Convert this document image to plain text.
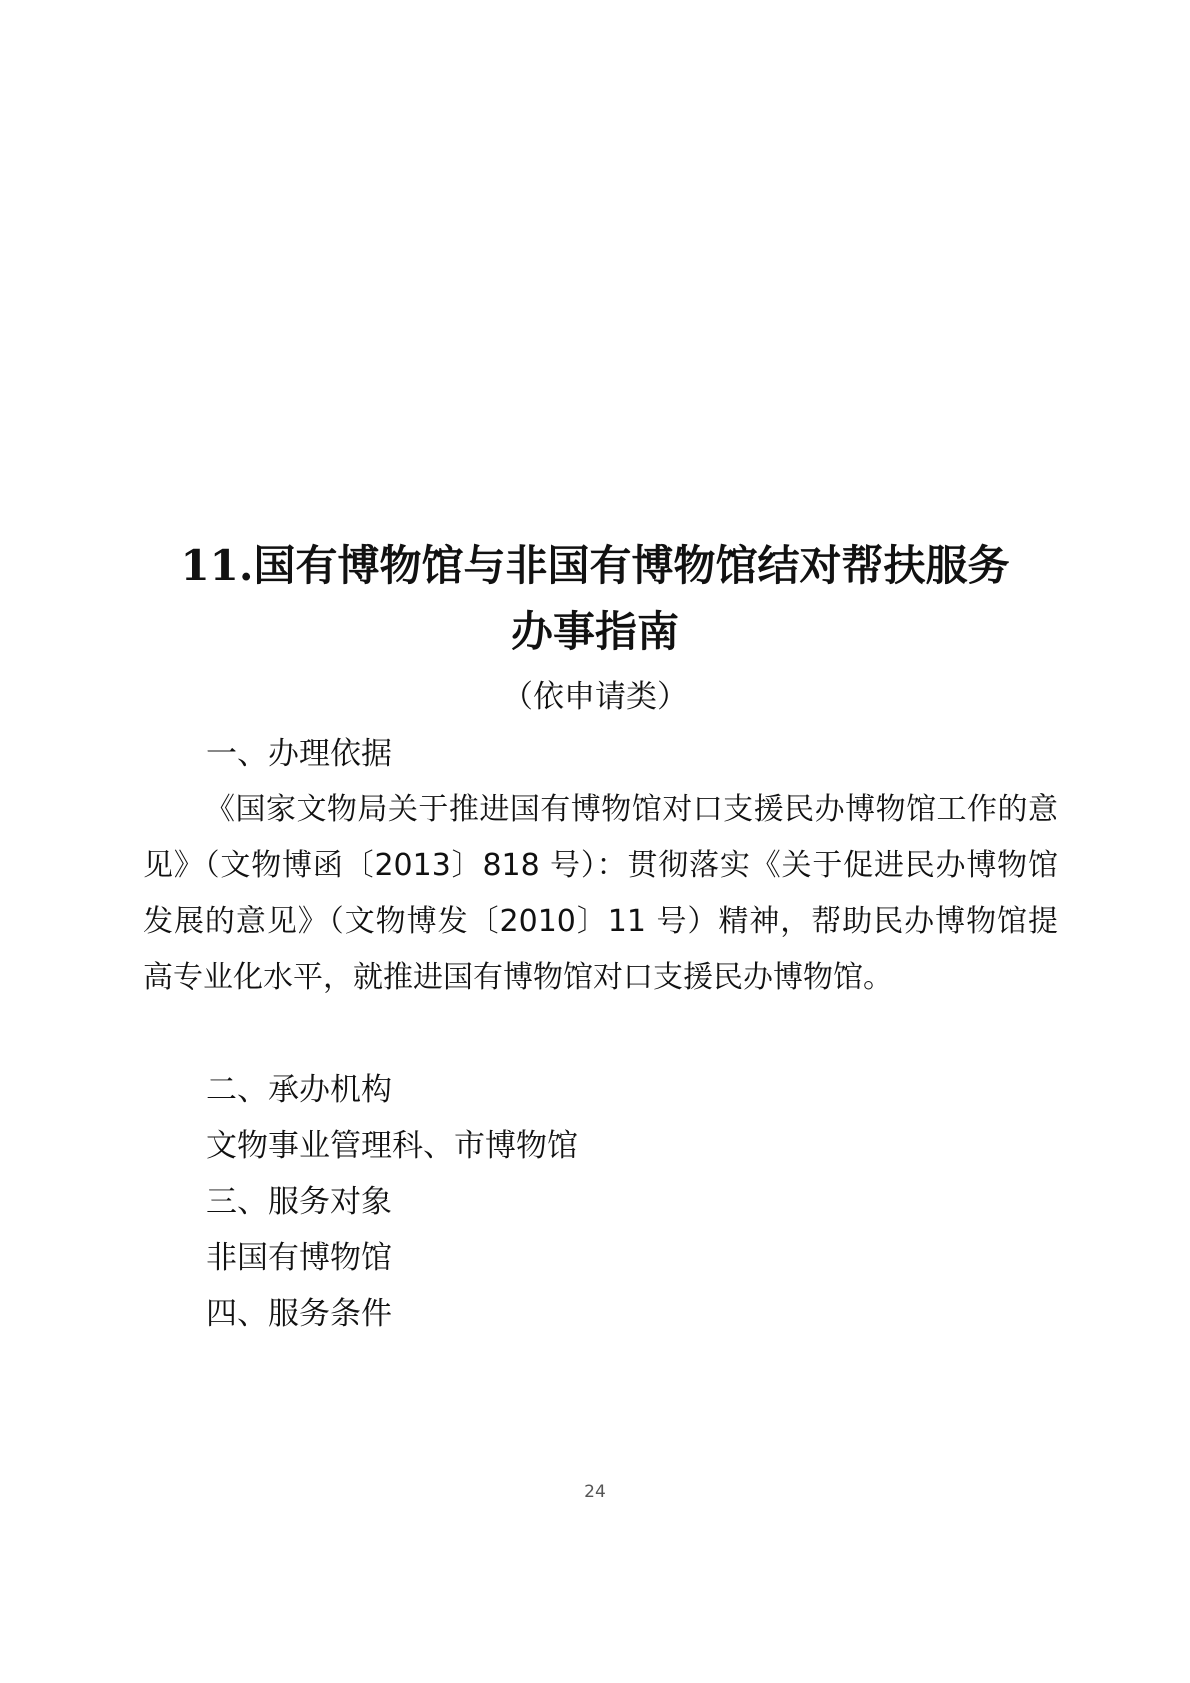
11.国有博物馆与非国有博物馆结对帮扶服务
办事指南

（依申请类）

一、办理依据

《国家文物局关于推进国有博物馆对口支援民办博物馆工作的意见》（文物博函〔2013〕818 号）：贯彻落实《关于促进民办博物馆发展的意见》（文物博发〔2010〕11 号）精神，帮助民办博物馆提高专业化水平，就推进国有博物馆对口支援民办博物馆。

二、承办机构

文物事业管理科、市博物馆

三、服务对象

非国有博物馆

四、服务条件

24
